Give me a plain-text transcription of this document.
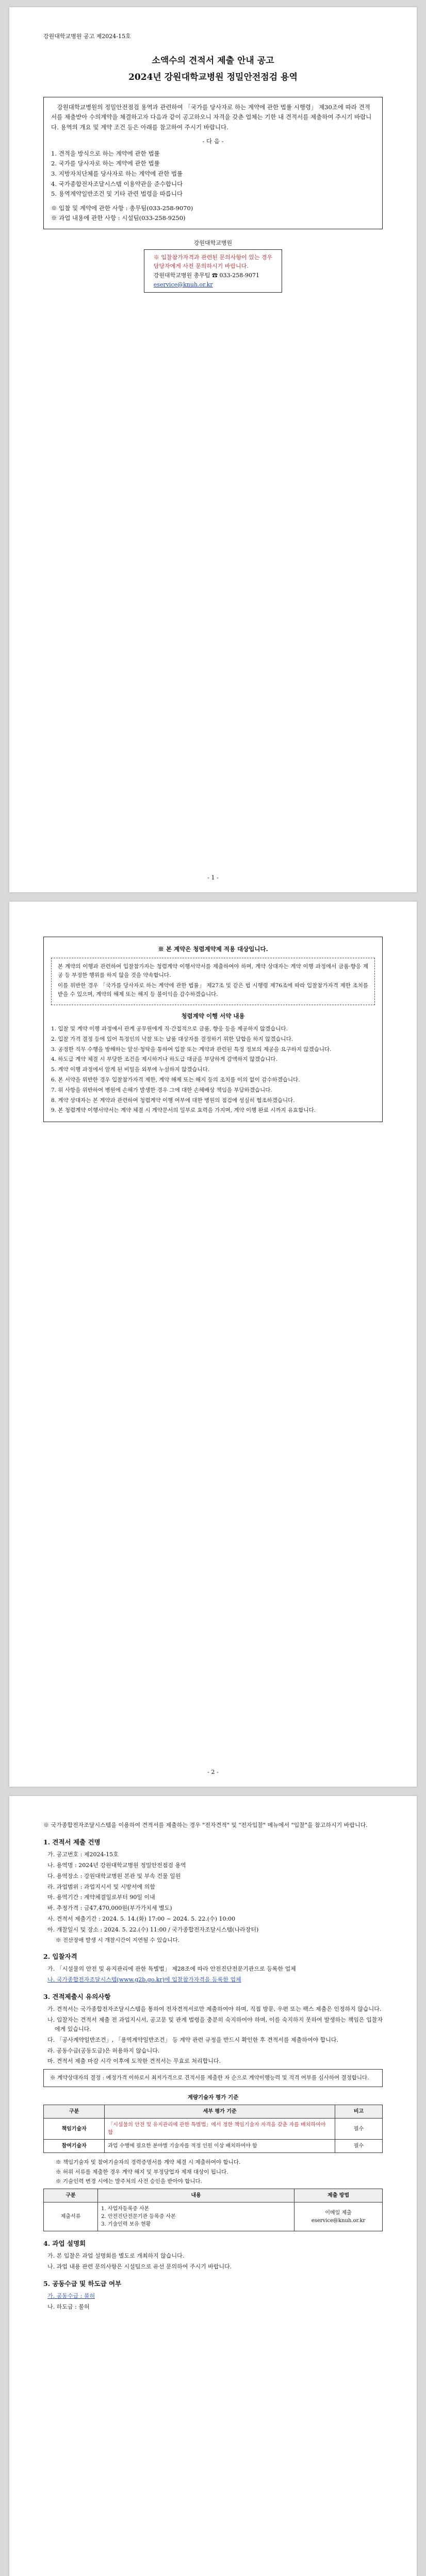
강원대학교병원 공고 제2024-15호
소액수의 견적서 제출 안내 공고
2024년 강원대학교병원 정밀안전점검 용역

강원대학교병원의 정밀안전점검 용역과 관련하여 「국가를 당사자로 하는 계약에 관한 법률 시행령」 제30조에 따라 견적서를 제출받아 수의계약을 체결하고자 다음과 같이 공고하오니 자격을 갖춘 업체는 기한 내 견적서를 제출하여 주시기 바랍니다. 용역의 개요 및 계약 조건 등은 아래를 참고하여 주시기 바랍니다.

- 다 음 -
1. 견적을 방식으로 하는 계약에 관한 법률
2. 국가를 당사자로 하는 계약에 관한 법률
3. 지방자치단체를 당사자로 하는 계약에 관한 법률
4. 국가종합전자조달시스템 이용약관을 준수합니다
5. 용역계약일반조건 및 기타 관련 법령을 따릅니다
※ 입찰 및 계약에 관한 사항 : 총무팀(033-258-9070)
※ 과업 내용에 관한 사항 : 시설팀(033-258-9250)
강원대학교병원
※ 입찰참가자격과 관련된 문의사항이 있는 경우
담당자에게 사전 문의하시기 바랍니다.
강원대학교병원 총무팀 ☎ 033-258-9071
eservice@knuh.or.kr
- 1 -
※ 본 계약은 청렴계약제 적용 대상입니다.

본 계약의 이행과 관련하여 입찰참가자는 청렴계약 이행서약서를 제출하여야 하며, 계약 상대자는 계약 이행 과정에서 금품·향응 제공 등 부정한 행위를 하지 않을 것을 약속합니다.

이를 위반한 경우 「국가를 당사자로 하는 계약에 관한 법률」 제27조 및 같은 법 시행령 제76조에 따라 입찰참가자격 제한 조치를 받을 수 있으며, 계약의 해제 또는 해지 등 불이익을 감수하겠습니다.

청렴계약 이행 서약 내용

1. 입찰 및 계약 이행 과정에서 관계 공무원에게 직·간접적으로 금품, 향응 등을 제공하지 않겠습니다.

2. 입찰 가격 결정 등에 있어 특정인의 낙찰 또는 납품 대상자를 결정하기 위한 담합을 하지 않겠습니다.

3. 공정한 직무 수행을 방해하는 알선·청탁을 통하여 입찰 또는 계약과 관련된 특정 정보의 제공을 요구하지 않겠습니다.

4. 하도급 계약 체결 시 부당한 조건을 제시하거나 하도급 대금을 부당하게 감액하지 않겠습니다.

5. 계약 이행 과정에서 알게 된 비밀을 외부에 누설하지 않겠습니다.

6. 본 서약을 위반한 경우 입찰참가자격 제한, 계약 해제 또는 해지 등의 조치를 이의 없이 감수하겠습니다.

7. 위 사항을 위반하여 병원에 손해가 발생한 경우 그에 대한 손해배상 책임을 부담하겠습니다.

8. 계약 상대자는 본 계약과 관련하여 청렴계약 이행 여부에 대한 병원의 점검에 성실히 협조하겠습니다.

9. 본 청렴계약 이행서약서는 계약 체결 시 계약문서의 일부로 효력을 가지며, 계약 이행 완료 시까지 유효합니다.

- 2 -
※ 국가종합전자조달시스템을 이용하여 견적서를 제출하는 경우 "전자견적" 및 "전자입찰" 메뉴에서 "입찰"을 참고하시기 바랍니다.
1. 견적서 제출 건명
가. 공고번호 : 제2024-15호
나. 용역명 : 2024년 강원대학교병원 정밀안전점검 용역
다. 용역장소 : 강원대학교병원 본관 및 부속 건물 일원
라. 과업범위 : 과업지시서 및 시방서에 의함
마. 용역기간 : 계약체결일로부터 90일 이내
바. 추정가격 : 금47,470,000원(부가가치세 별도)
사. 견적서 제출기간 : 2024. 5. 14.(화) 17:00 ~ 2024. 5. 22.(수) 10:00
아. 개찰일시 및 장소 : 2024. 5. 22.(수) 11:00 / 국가종합전자조달시스템(나라장터)
※ 전산장애 발생 시 개찰시간이 지연될 수 있습니다.
2. 입찰자격
가. 「시설물의 안전 및 유지관리에 관한 특별법」 제28조에 따라 안전진단전문기관으로 등록한 업체
나. 국가종합전자조달시스템(www.g2b.go.kr)에 입찰참가자격을 등록한 업체
3. 견적제출시 유의사항
가. 견적서는 국가종합전자조달시스템을 통하여 전자견적서로만 제출하여야 하며, 직접 방문, 우편 또는 팩스 제출은 인정하지 않습니다.
나. 입찰자는 견적서 제출 전 과업지시서, 공고문 및 관계 법령을 충분히 숙지하여야 하며, 이를 숙지하지 못하여 발생하는 책임은 입찰자에게 있습니다.
다. 「공사계약일반조건」, 「용역계약일반조건」 등 계약 관련 규정을 반드시 확인한 후 견적서를 제출하여야 합니다.
라. 공동수급(공동도급)은 허용하지 않습니다.
마. 견적서 제출 마감 시각 이후에 도착한 견적서는 무효로 처리합니다.
※ 계약상대자의 결정 : 예정가격 이하로서 최저가격으로 견적서를 제출한 자 순으로 계약이행능력 및 적격 여부를 심사하여 결정합니다.
계량기술자 평가 기준
구분	세부 평가 기준	비고
책임기술자	「시설물의 안전 및 유지관리에 관한 특별법」에서 정한 책임기술자 자격을 갖춘 자를 배치하여야 함	필수
참여기술자	과업 수행에 필요한 분야별 기술자를 적정 인원 이상 배치하여야 함	필수
※ 책임기술자 및 참여기술자의 경력증명서를 계약 체결 시 제출하여야 합니다.
※ 허위 서류를 제출한 경우 계약 해지 및 부정당업자 제재 대상이 됩니다.
※ 기술인력 변경 시에는 발주처의 사전 승인을 받아야 합니다.
구분	내용	제출 방법
제출서류	1. 사업자등록증 사본
2. 안전진단전문기관 등록증 사본
3. 기술인력 보유 현황	이메일 제출
eservice@knuh.or.kr
4. 과업 설명회
가. 본 입찰은 과업 설명회를 별도로 개최하지 않습니다.
나. 과업 내용 관련 문의사항은 시설팀으로 유선 문의하여 주시기 바랍니다.
5. 공동수급 및 하도급 여부
가. 공동수급 : 불허
나. 하도급 : 불허
